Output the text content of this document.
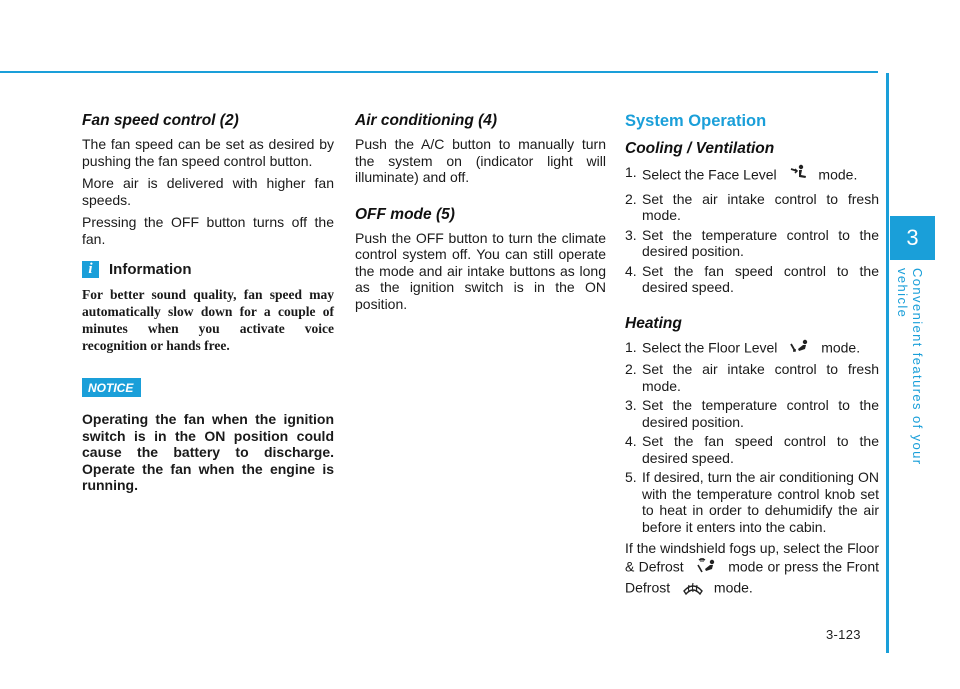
3
Convenient features of your vehicle
3-123
Fan speed control (2)

The fan speed can be set as desired by pushing the fan speed control button.

More air is delivered with higher fan speeds.

Pressing the OFF button turns off the fan.

i	Information

For better sound quality, fan speed may automatically slow down for a couple of minutes when you activate voice recognition or hands free.

NOTICE

Operating the fan when the ignition switch is in the ON position could cause the battery to discharge. Operate the fan when the engine is running.

Air conditioning (4)

Push the A/C button to manually turn the system on (indicator light will illuminate) and off.

OFF mode (5)

Push the OFF button to turn the climate control system off. You can still operate the mode and air intake buttons as long as the ignition switch is in the ON position.

System Operation
Cooling / Ventilation
1. Select the Face Level	mode.
2. Set the air intake control to fresh mode.
3. Set the temperature control to the desired position.
4. Set the fan speed control to the desired speed.
Heating
1. Select the Floor Level	mode.
2. Set the air intake control to fresh mode.
3. Set the temperature control to the desired position.
4. Set the fan speed control to the desired speed.
5. If desired, turn the air conditioning ON with the temperature control knob set to heat in order to dehumidify the air before it enters into the cabin.

If the windshield fogs up, select the Floor & Defrost	mode or press the Front Defrost	mode.
